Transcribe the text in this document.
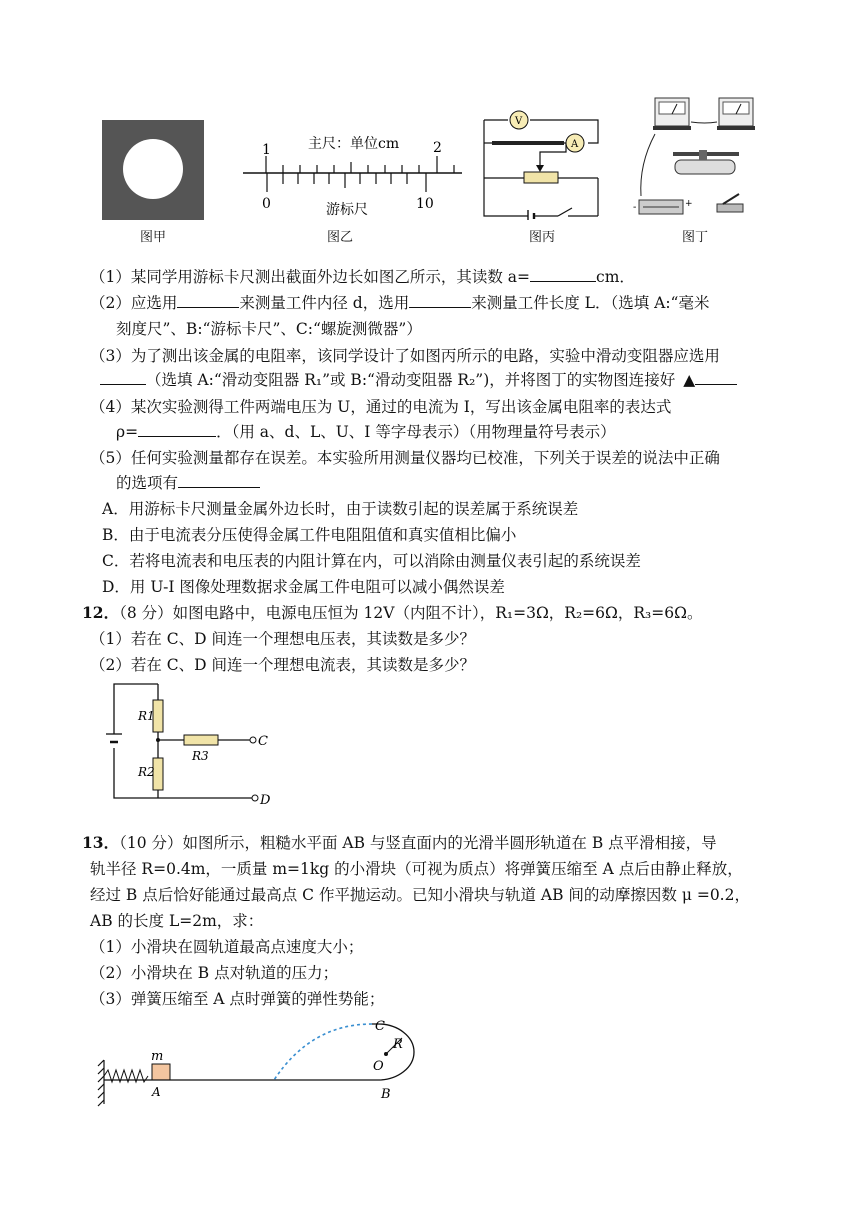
图甲
主尺：单位cm
1	2
0	游标尺	10
图乙
V
A
图丙
-	+
图丁
（1）某同学用游标卡尺测出截面外边长如图乙所示，其读数 a=	cm．
（2）应选用	来测量工件内径 d，选用	来测量工件长度 L．（选填 A:“毫米
刻度尺”、B:“游标卡尺”、C:“螺旋测微器”）
（3）为了测出该金属的电阻率，该同学设计了如图丙所示的电路，实验中滑动变阻器应选用
（选填 A:“滑动变阻器 R₁”或 B:“滑动变阻器 R₂”)，并将图丁的实物图连接好 ▲
（4）某次实验测得工件两端电压为 U，通过的电流为 I，写出该金属电阻率的表达式
ρ=	．（用 a、d、L、U、I 等字母表示）（用物理量符号表示）
（5）任何实验测量都存在误差。本实验所用测量仪器均已校准，下列关于误差的说法中正确
的选项有
A．用游标卡尺测量金属外边长时，由于读数引起的误差属于系统误差
B．由于电流表分压使得金属工件电阻阻值和真实值相比偏小
C．若将电流表和电压表的内阻计算在内，可以消除由测量仪表引起的系统误差
D．用 U-I 图像处理数据求金属工件电阻可以减小偶然误差
12．（8 分）如图电路中，电源电压恒为 12V（内阻不计），R₁=3Ω，R₂=6Ω，R₃=6Ω。
（1）若在 C、D 间连一个理想电压表，其读数是多少？
（2）若在 C、D 间连一个理想电流表，其读数是多少？
R1
R2
R3
C
D
13．（10 分）如图所示，粗糙水平面 AB 与竖直面内的光滑半圆形轨道在 B 点平滑相接，导
轨半径 R=0.4m，一质量 m=1kg 的小滑块（可视为质点）将弹簧压缩至 A 点后由静止释放，
经过 B 点后恰好能通过最高点 C 作平抛运动。已知小滑块与轨道 AB 间的动摩擦因数 μ =0.2，
AB 的长度 L=2m，求：
（1）小滑块在圆轨道最高点速度大小；
（2）小滑块在 B 点对轨道的压力；
（3）弹簧压缩至 A 点时弹簧的弹性势能；
C
R
O
B
m
A
